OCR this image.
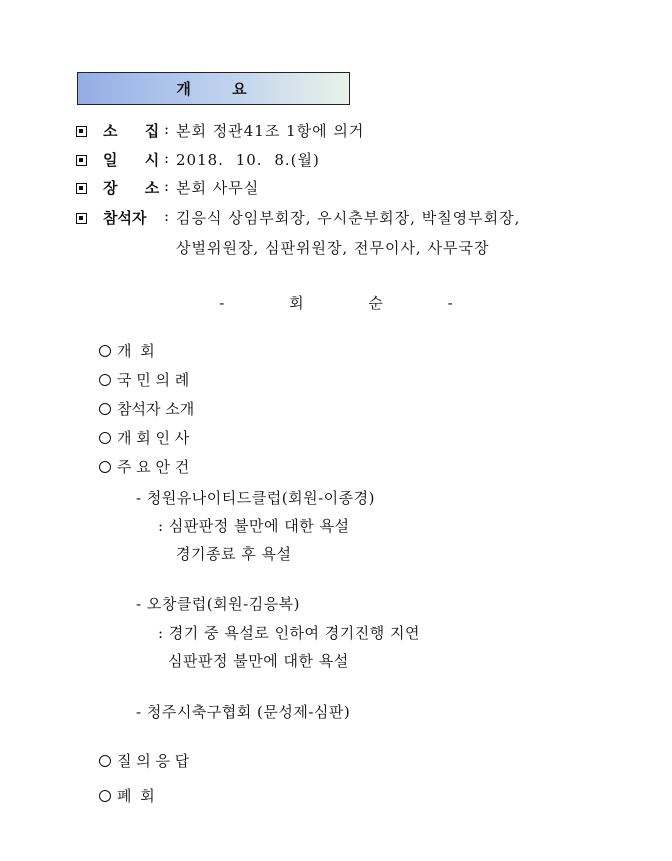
개 요
소 집 : 본회 정관41조 1항에 의거
일 시 : 2018. 10. 8.(월)
장 소 : 본회 사무실
참석자 : 김응식 상임부회장, 우시춘부회장, 박칠영부회장,
상벌위원장, 심판위원장, 전무이사, 사무국장
- 회 순 -
개 회
국 민 의 례
참석자 소개
개 회 인 사
주 요 안 건
- 청원유나이티드클럽(회원-이종경)
: 심판판정 불만에 대한 욕설
경기종료 후 욕설
- 오창클럽(회원-김응복)
: 경기 중 욕설로 인하여 경기진행 지연
심판판정 불만에 대한 욕설
- 청주시축구협회 (문성제-심판)
질 의 응 답
폐 회
